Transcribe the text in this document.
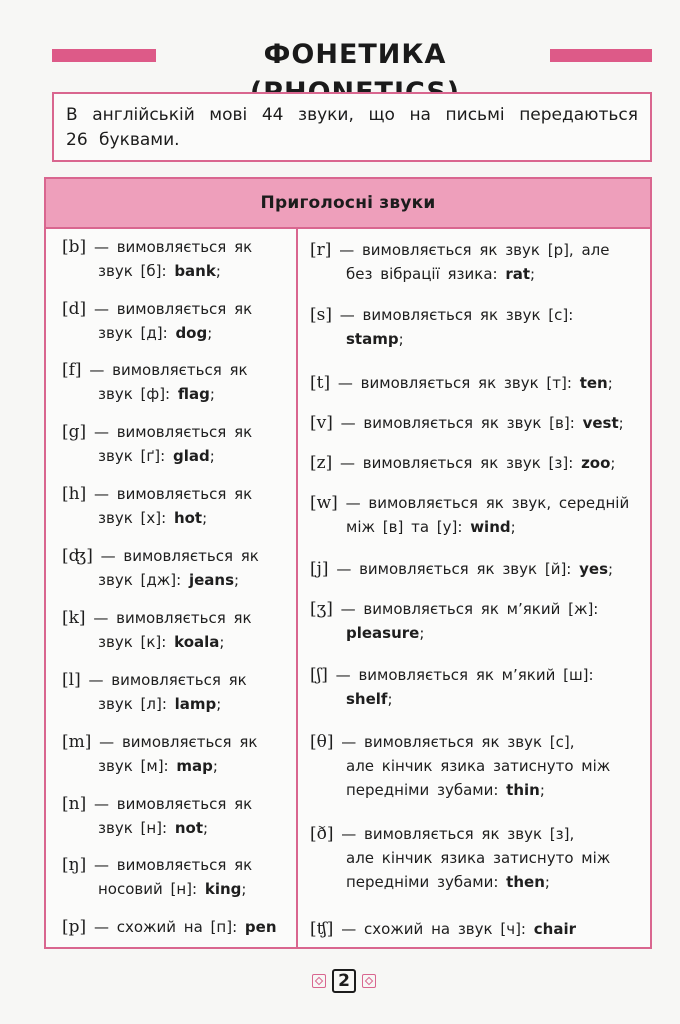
ФОНЕТИКА
В англійській мові 44 звуки, що на письмі передаються 26 буквами.
Приголосні звуки
[b] — вимовляється як
звук [б]: bank;
[d] — вимовляється як
звук [д]: dog;
[f] — вимовляється як
звук [ф]: flag;
[g] — вимовляється як
звук [ґ]: glad;
[h] — вимовляється як
звук [х]: hot;
[ʤ] — вимовляється як
звук [дж]: jeans;
[k] — вимовляється як
звук [к]: koala;
[l] — вимовляється як
звук [л]: lamp;
[m] — вимовляється як
звук [м]: map;
[n] — вимовляється як
звук [н]: not;
[ŋ] — вимовляється як
носовий [н]: king;
[p] — схожий на [п]: pen
[r] — вимовляється як звук [р], але
без вібрації язика: rat;
[s] — вимовляється як звук [с]:
stamp;
[t] — вимовляється як звук [т]: ten;
[v] — вимовляється як звук [в]: vest;
[z] — вимовляється як звук [з]: zoo;
[w] — вимовляється як звук, середній
між [в] та [у]: wind;
[j] — вимовляється як звук [й]: yes;
[ʒ] — вимовляється як м’який [ж]:
pleasure;
[ʃ] — вимовляється як м’який [ш]:
shelf;
[θ] — вимовляється як звук [с],
але кінчик язика затиснуто між
передніми зубами: thin;
[ð] — вимовляється як звук [з],
але кінчик язика затиснуто між
передніми зубами: then;
[ʧ] — схожий на звук [ч]: chair
2
